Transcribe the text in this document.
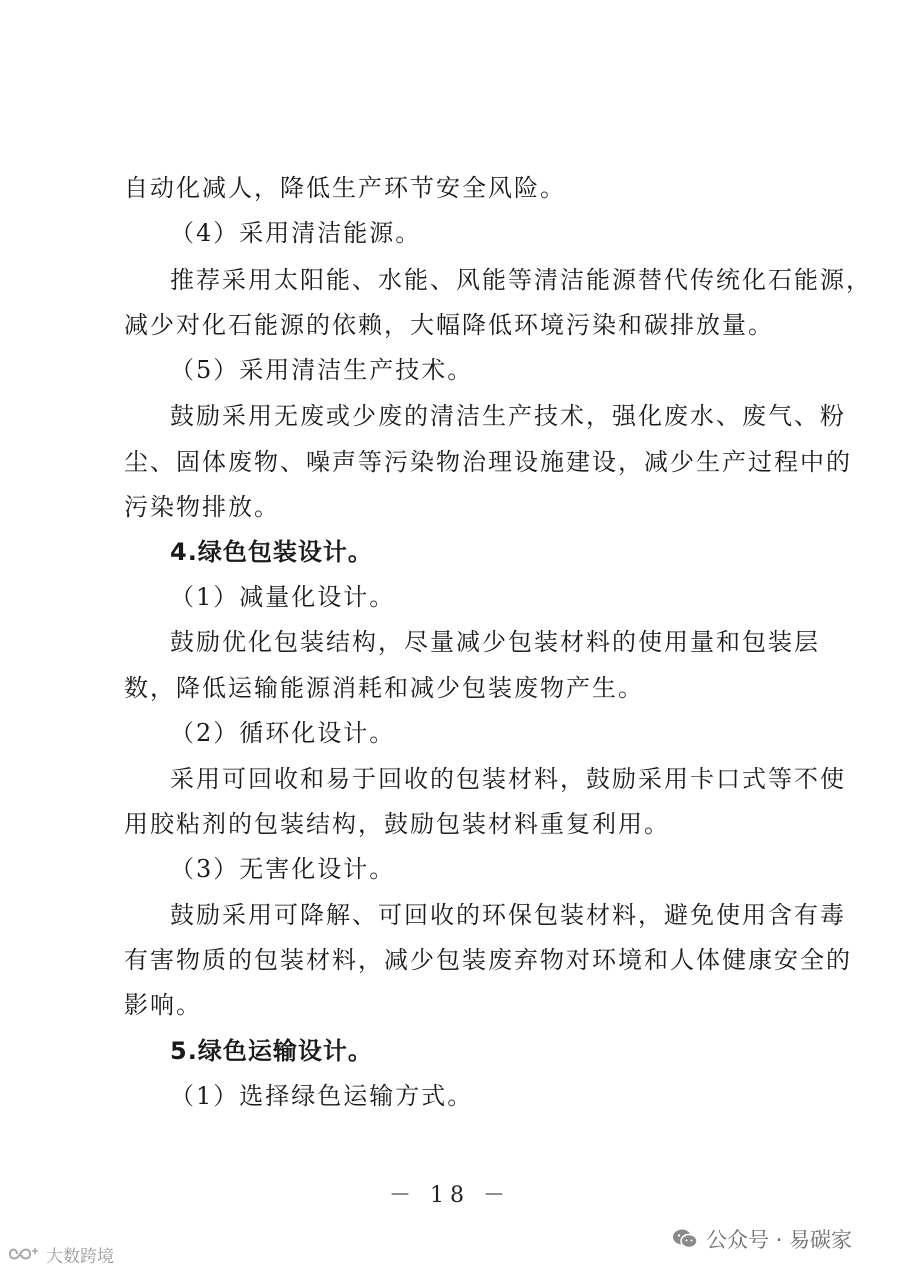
自动化减人，降低生产环节安全风险。
（4）采用清洁能源。
推荐采用太阳能、水能、风能等清洁能源替代传统化石能源，
减少对化石能源的依赖，大幅降低环境污染和碳排放量。
（5）采用清洁生产技术。
鼓励采用无废或少废的清洁生产技术，强化废水、废气、粉
尘、固体废物、噪声等污染物治理设施建设，减少生产过程中的
污染物排放。
4.绿色包装设计。
（1）减量化设计。
鼓励优化包装结构，尽量减少包装材料的使用量和包装层
数，降低运输能源消耗和减少包装废物产生。
（2）循环化设计。
采用可回收和易于回收的包装材料，鼓励采用卡口式等不使
用胶粘剂的包装结构，鼓励包装材料重复利用。
（3）无害化设计。
鼓励采用可降解、可回收的环保包装材料，避免使用含有毒
有害物质的包装材料，减少包装废弃物对环境和人体健康安全的
影响。
5.绿色运输设计。
（1）选择绿色运输方式。
－ 18 －
公众号 · 易碳家
大数跨境
